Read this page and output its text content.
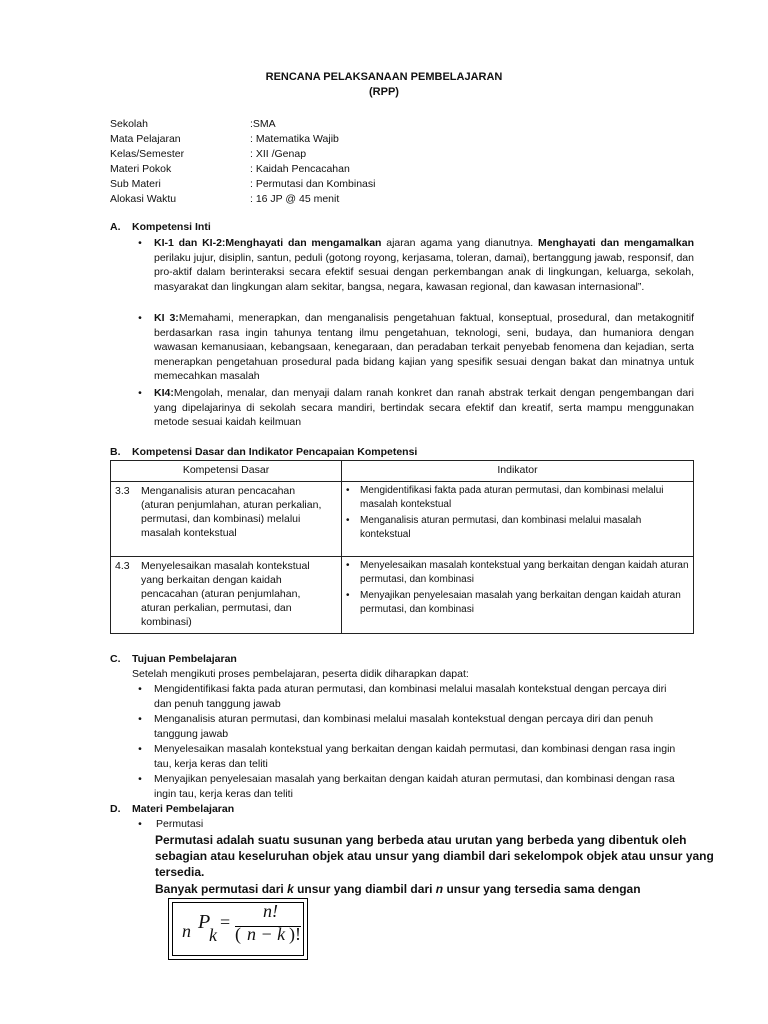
RENCANA PELAKSANAAN PEMBELAJARAN
(RPP)
Sekolah	:SMA
Mata Pelajaran	: Matematika Wajib
Kelas/Semester	: XII /Genap
Materi Pokok	: Kaidah Pencacahan
Sub Materi	: Permutasi dan Kombinasi
Alokasi Waktu	: 16 JP @ 45 menit
A. Kompetensi Inti
•	KI-1 dan KI-2:Menghayati dan mengamalkan ajaran agama yang dianutnya. Menghayati dan mengamalkan perilaku jujur, disiplin, santun, peduli (gotong royong, kerjasama, toleran, damai), bertanggung jawab, responsif, dan pro-aktif dalam berinteraksi secara efektif sesuai dengan perkembangan anak di lingkungan, keluarga, sekolah, masyarakat dan lingkungan alam sekitar, bangsa, negara, kawasan regional, dan kawasan internasional”.
•	KI 3:Memahami, menerapkan, dan menganalisis pengetahuan faktual, konseptual, prosedural, dan metakognitif berdasarkan rasa ingin tahunya tentang ilmu pengetahuan, teknologi, seni, budaya, dan humaniora dengan wawasan kemanusiaan, kebangsaan, kenegaraan, dan peradaban terkait penyebab fenomena dan kejadian, serta menerapkan pengetahuan prosedural pada bidang kajian yang spesifik sesuai dengan bakat dan minatnya untuk memecahkan masalah
•	KI4:Mengolah, menalar, dan menyaji dalam ranah konkret dan ranah abstrak terkait dengan pengembangan dari yang dipelajarinya di sekolah secara mandiri, bertindak secara efektif dan kreatif, serta mampu menggunakan metode sesuai kaidah keilmuan
B. Kompetensi Dasar dan Indikator Pencapaian Kompetensi
Kompetensi Dasar	Indikator
3.3 Menganalisis aturan pencacahan (aturan penjumlahan, aturan perkalian, permutasi, dan kombinasi) melalui masalah kontekstual	• Mengidentifikasi fakta pada aturan permutasi, dan kombinasi melalui masalah kontekstual
• Menganalisis aturan permutasi, dan kombinasi melalui masalah kontekstual

4.3 Menyelesaikan masalah kontekstual yang berkaitan dengan kaidah pencacahan (aturan penjumlahan, aturan perkalian, permutasi, dan kombinasi)	• Menyelesaikan masalah kontekstual yang berkaitan dengan kaidah aturan permutasi, dan kombinasi
• Menyajikan penyelesaian masalah yang berkaitan dengan kaidah aturan permutasi, dan kombinasi
C. Tujuan Pembelajaran
Setelah mengikuti proses pembelajaran, peserta didik diharapkan dapat:
•	Mengidentifikasi fakta pada aturan permutasi, dan kombinasi melalui masalah kontekstual dengan percaya diri dan penuh tanggung jawab
•	Menganalisis aturan permutasi, dan kombinasi melalui masalah kontekstual dengan percaya diri dan penuh tanggung jawab
•	Menyelesaikan masalah kontekstual yang berkaitan dengan kaidah permutasi, dan kombinasi dengan rasa ingin tau, kerja keras dan teliti
•	Menyajikan penyelesaian masalah yang berkaitan dengan kaidah aturan permutasi, dan kombinasi dengan rasa ingin tau, kerja keras dan teliti
D. Materi Pembelajaran
•	Permutasi
Permutasi adalah suatu susunan yang berbeda atau urutan yang berbeda yang dibentuk oleh sebagian atau keseluruhan objek atau unsur yang diambil dari sekelompok objek atau unsur yang tersedia.
Banyak permutasi dari k unsur yang diambil dari n unsur yang tersedia sama dengan
n P
k
=
n!
( n − k )!
